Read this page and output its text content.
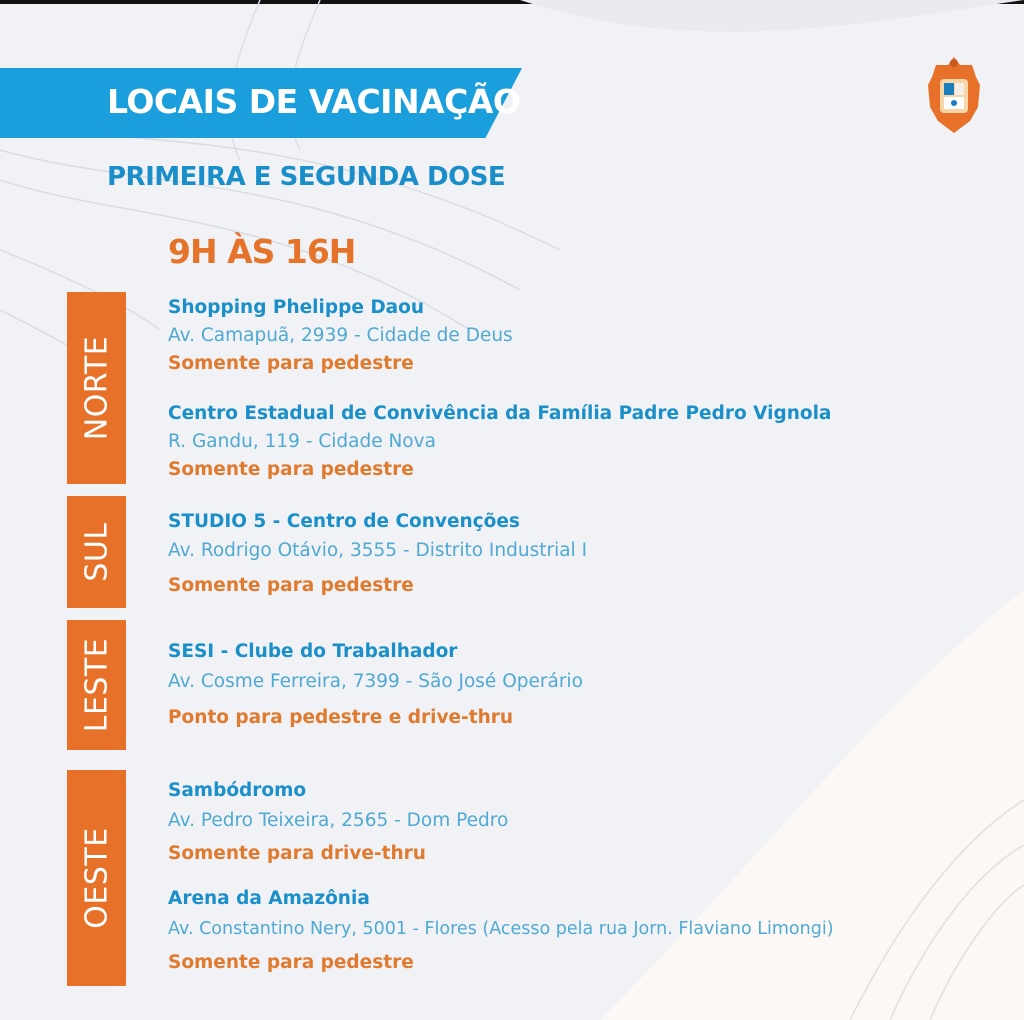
LOCAIS DE VACINAÇÃO
PRIMEIRA E SEGUNDA DOSE
9H ÀS 16H
NORTE
SUL
LESTE
OESTE
Shopping Phelippe Daou
Av. Camapuã, 2939 - Cidade de Deus
Somente para pedestre
Centro Estadual de Convivência da Família Padre Pedro Vignola
R. Gandu, 119 - Cidade Nova
Somente para pedestre
STUDIO 5 - Centro de Convenções
Av. Rodrigo Otávio, 3555 - Distrito Industrial I
Somente para pedestre
SESI - Clube do Trabalhador
Av. Cosme Ferreira, 7399 - São José Operário
Ponto para pedestre e drive-thru
Sambódromo
Av. Pedro Teixeira, 2565 - Dom Pedro
Somente para drive-thru
Arena da Amazônia
Av. Constantino Nery, 5001 - Flores (Acesso pela rua Jorn. Flaviano Limongi)
Somente para pedestre
